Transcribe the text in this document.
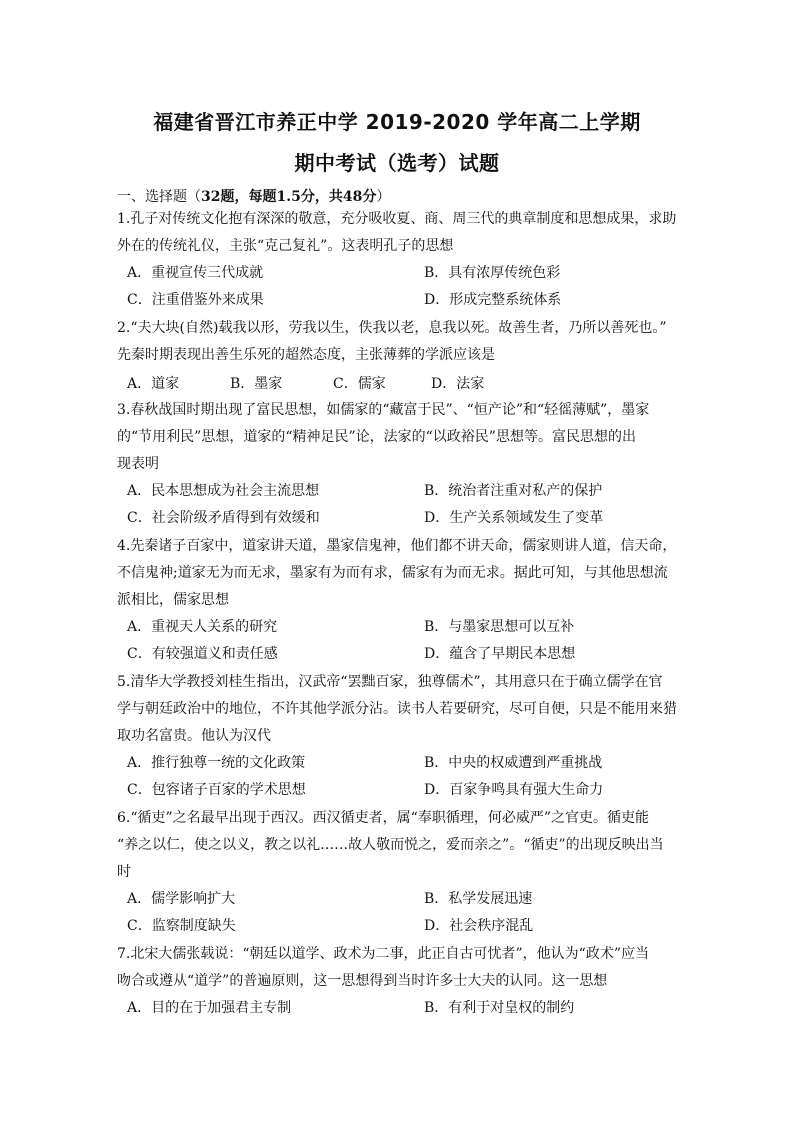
福建省晋江市养正中学 2019-2020 学年高二上学期
期中考试（选考）试题
一、选择题（32题，每题1.5分，共48分）
1.孔子对传统文化抱有深深的敬意，充分吸收夏、商、周三代的典章制度和思想成果，求助
外在的传统礼仪，主张“克己复礼”。这表明孔子的思想
A．重视宣传三代成就	B．具有浓厚传统色彩
C．注重借鉴外来成果	D．形成完整系统体系
2.“夫大块(自然)载我以形，劳我以生，佚我以老，息我以死。故善生者，乃所以善死也。”
先秦时期表现出善生乐死的超然态度，主张薄葬的学派应该是
A．道家	B．墨家	C．儒家	D．法家
3.春秋战国时期出现了富民思想，如儒家的“藏富于民”、“恒产论”和“轻徭薄赋”，墨家
的“节用利民”思想，道家的“精神足民”论，法家的“以政裕民”思想等。富民思想的出
现表明
A．民本思想成为社会主流思想	B．统治者注重对私产的保护
C．社会阶级矛盾得到有效缓和	D．生产关系领域发生了变革
4.先秦诸子百家中，道家讲天道，墨家信鬼神，他们都不讲天命，儒家则讲人道，信天命，
不信鬼神;道家无为而无求，墨家有为而有求，儒家有为而无求。据此可知，与其他思想流
派相比，儒家思想
A．重视天人关系的研究	B．与墨家思想可以互补
C．有较强道义和责任感	D．蕴含了早期民本思想
5.清华大学教授刘桂生指出，汉武帝“罢黜百家，独尊儒术”，其用意只在于确立儒学在官
学与朝廷政治中的地位，不许其他学派分沾。读书人若要研究，尽可自便，只是不能用来猎
取功名富贵。他认为汉代
A．推行独尊一统的文化政策	B．中央的权威遭到严重挑战
C．包容诸子百家的学术思想	D．百家争鸣具有强大生命力
6.“循吏”之名最早出现于西汉。西汉循吏者，属“奉职循理，何必威严”之官吏。循吏能
“养之以仁，使之以义，教之以礼……故人敬而悦之，爱而亲之”。“循吏”的出现反映出当
时
A．儒学影响扩大	B．私学发展迅速
C．监察制度缺失	D．社会秩序混乱
7.北宋大儒张载说：“朝廷以道学、政术为二事，此正自古可忧者”，他认为“政术”应当
吻合或遵从“道学”的普遍原则，这一思想得到当时许多士大夫的认同。这一思想
A．目的在于加强君主专制	B．有利于对皇权的制约
